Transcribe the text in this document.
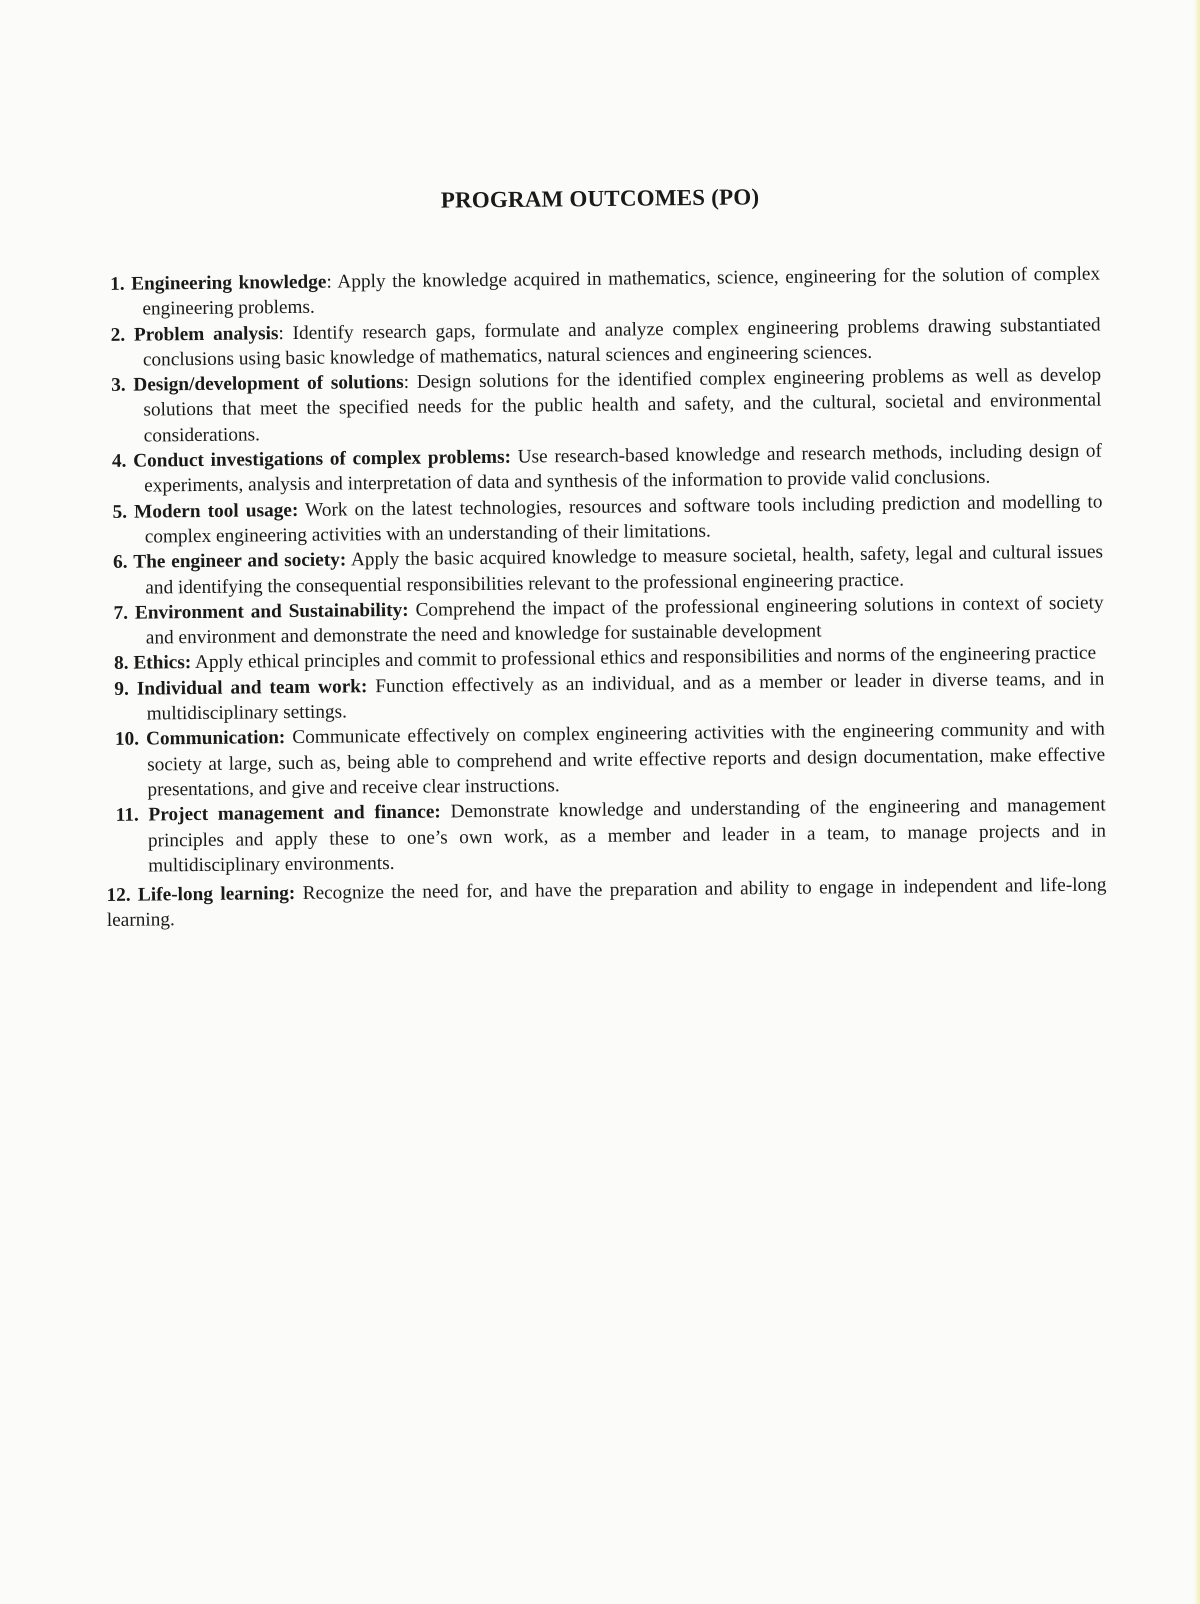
PROGRAM OUTCOMES (PO)
1. Engineering knowledge: Apply the knowledge acquired in mathematics, science, engineering for the solution of complex engineering problems.
2. Problem analysis: Identify research gaps, formulate and analyze complex engineering problems drawing substantiated conclusions using basic knowledge of mathematics, natural sciences and engineering sciences.
3. Design/development of solutions: Design solutions for the identified complex engineering problems as well as develop solutions that meet the specified needs for the public health and safety, and the cultural, societal and environmental considerations.
4. Conduct investigations of complex problems: Use research-based knowledge and research methods, including design of experiments, analysis and interpretation of data and synthesis of the information to provide valid conclusions.
5. Modern tool usage: Work on the latest technologies, resources and software tools including prediction and modelling to complex engineering activities with an understanding of their limitations.
6. The engineer and society: Apply the basic acquired knowledge to measure societal, health, safety, legal and cultural issues and identifying the consequential responsibilities relevant to the professional engineering practice.
7. Environment and Sustainability: Comprehend the impact of the professional engineering solutions in context of society and environment and demonstrate the need and knowledge for sustainable development
8. Ethics: Apply ethical principles and commit to professional ethics and responsibilities and norms of the engineering practice
9. Individual and team work: Function effectively as an individual, and as a member or leader in diverse teams, and in multidisciplinary settings.
10. Communication: Communicate effectively on complex engineering activities with the engineering community and with society at large, such as, being able to comprehend and write effective reports and design documentation, make effective presentations, and give and receive clear instructions.
11. Project management and finance: Demonstrate knowledge and understanding of the engineering and management principles and apply these to one’s own work, as a member and leader in a team, to manage projects and in multidisciplinary environments.
12. Life-long learning: Recognize the need for, and have the preparation and ability to engage in independent and life-long learning.
